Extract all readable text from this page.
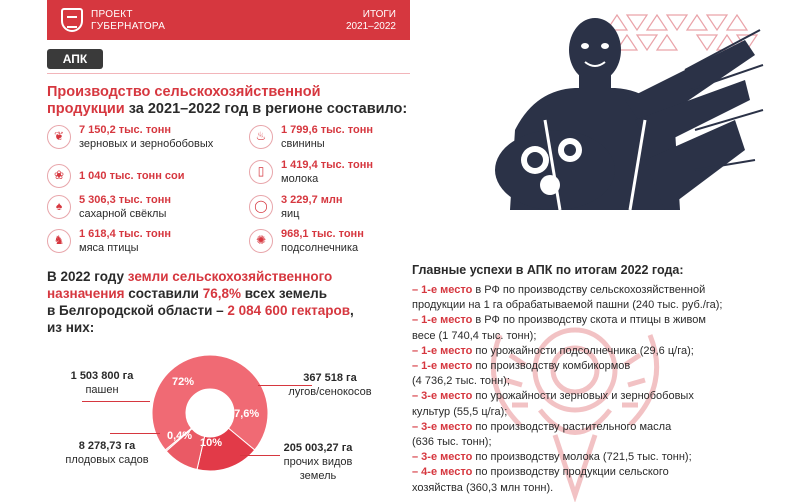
ПРОЕКТ
ГУБЕРНАТОРА
ИТОГИ
2021–2022
АПК
Производство сельскохозяйственной
продукции за 2021–2022 год в регионе составило:
❦	7 150,2 тыс. тонн
зерновых и зернобобовых
♨	1 799,6 тыс. тонн
свинины
❀	1 040 тыс. тонн сои	▯	1 419,4 тыс. тонн
молока
♠	5 306,3 тыс. тонн
сахарной свёклы
◯	3 229,7 млн
яиц
♞	1 618,4 тыс. тонн
мяса птицы
✺	968,1 тыс. тонн
подсолнечника
В 2022 году земли сельскохозяйственного
назначения составили 76,8% всех земель
в Белгородской области – 2 084 600 гектаров,
из них:
72%
17,6%
10%
0,4%
1 503 800 га
пашен
367 518 га
лугов/сенокосов
8 278,73 га
плодовых садов
205 003,27 га
прочих видов
земель
Главные успехи в АПК по итогам 2022 года:
– 1-е место в РФ по производству сельскохозяйственной
продукции на 1 га обрабатываемой пашни (240 тыс. руб./га);
– 1-е место в РФ по производству скота и птицы в живом
весе (1 740,4 тыс. тонн);
– 1-е место по урожайности подсолнечника (29,6 ц/га);
– 1-е место по производству комбикормов
(4 736,2 тыс. тонн);
– 3-е место по урожайности зерновых и зернобобовых
культур (55,5 ц/га);
– 3-е место по производству растительного масла
(636 тыс. тонн);
– 3-е место по производству молока (721,5 тыс. тонн);
– 4-е место по производству продукции сельского
хозяйства (360,3 млн тонн).
